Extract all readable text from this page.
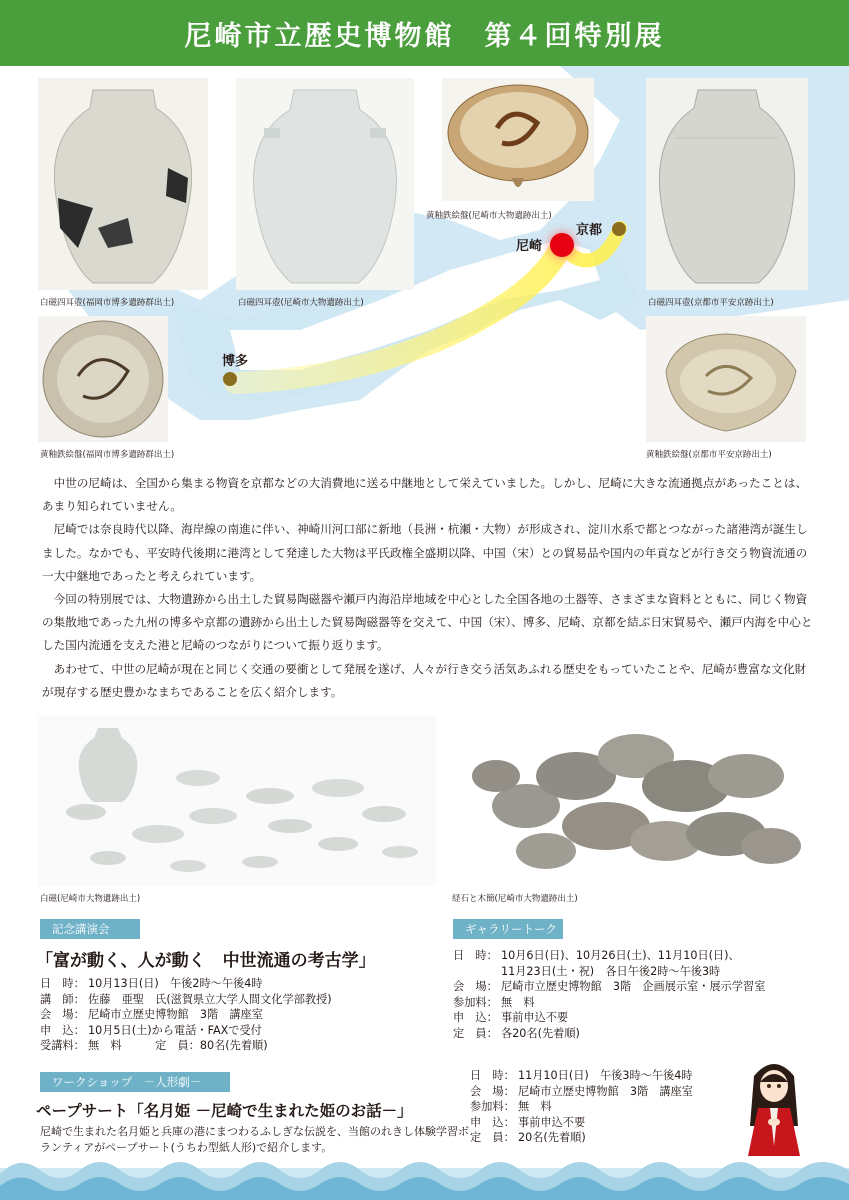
尼崎市立歴史博物館　第４回特別展
尼崎
京都
博多
白磁四耳壺(福岡市博多遺跡群出土)	白磁四耳壺(尼崎市大物遺跡出土)
黄釉鉄絵盤(尼崎市大物遺跡出土)
白磁四耳壺(京都市平安京跡出土)
黄釉鉄絵盤(福岡市博多遺跡群出土)	黄釉鉄絵盤(京都市平安京跡出土)

中世の尼崎は、全国から集まる物資を京都などの大消費地に送る中継地として栄えていました。しかし、尼崎に大きな流通拠点があったことは、あまり知られていません。

尼崎では奈良時代以降、海岸線の南進に伴い、神崎川河口部に新地（長洲・杭瀬・大物）が形成され、淀川水系で都とつながった諸港湾が誕生しました。なかでも、平安時代後期に港湾として発達した大物は平氏政権全盛期以降、中国（宋）との貿易品や国内の年貢などが行き交う物資流通の一大中継地であったと考えられています。

今回の特別展では、大物遺跡から出土した貿易陶磁器や瀬戸内海沿岸地域を中心とした全国各地の土器等、さまざまな資料とともに、同じく物資の集散地であった九州の博多や京都の遺跡から出土した貿易陶磁器等を交えて、中国（宋）、博多、尼崎、京都を結ぶ日宋貿易や、瀬戸内海を中心とした国内流通を支えた港と尼崎のつながりについて振り返ります。

あわせて、中世の尼崎が現在と同じく交通の要衝として発展を遂げ、人々が行き交う活気あふれる歴史をもっていたことや、尼崎が豊富な文化財が現存する歴史豊かなまちであることを広く紹介します。

白磁(尼崎市大物遺跡出土)	経石と木簡(尼崎市大物遺跡出土)
記念講演会
「富が動く、人が動く　中世流通の考古学」
日　時： 10月13日(日)　午後2時～午後4時
講　師： 佐藤　亜聖　氏(滋賀県立大学人間文化学部教授)
会　場： 尼崎市立歴史博物館　3階　講座室
申　込： 10月5日(土)から電話・FAXで受付
受講料： 無　料　　　定　員：80名(先着順)
ギャラリートーク
日　時： 10月6日(日)、10月26日(土)、11月10日(日)、
11月23日(土・祝)　各日午後2時～午後3時
会　場： 尼崎市立歴史博物館　3階　企画展示室・展示学習室
参加料： 無　料
申　込： 事前申込不要
定　員： 各20名(先着順)
ワークショップ　－人形劇－
ペープサート「名月姫 －尼崎で生まれた姫のお話－」
尼崎で生まれた名月姫と兵庫の港にまつわるふしぎな伝説を、当館のれきし体験学習ボランティアがペープサート(うちわ型紙人形)で紹介します。
日　時： 11月10日(日)　午後3時～午後4時
会　場： 尼崎市立歴史博物館　3階　講座室
参加料： 無　料
申　込： 事前申込不要
定　員： 20名(先着順)
